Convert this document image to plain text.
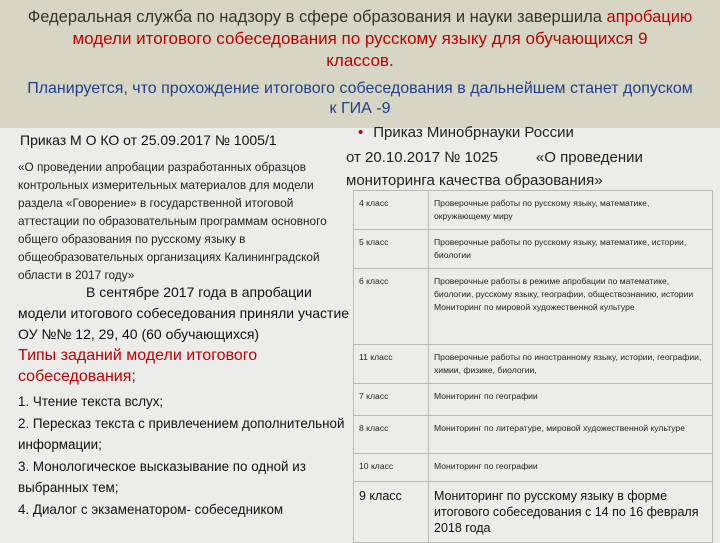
Федеральная служба по надзору в сфере образования и науки завершила апробацию
модели итогового собеседования по русскому языку для обучающихся 9
классов.
Планируется, что прохождение итогового собеседования в дальнейшем станет допуском
к ГИА -9
Приказ М О КО от 25.09.2017 № 1005/1
«О проведении апробации разработанных образцов контрольных измерительных материалов для модели раздела «Говорение» в государственной итоговой аттестации по образовательным программам основного общего образования по русскому языку в общеобразовательных организациях Калининградской области в 2017 году»
В сентябре 2017 года в апробации модели итогового собеседования приняли участие ОУ №№ 12, 29, 40 (60 обучающихся)
Типы заданий модели итогового собеседования;
1. Чтение текста вслух;
2. Пересказ текста с привлечением дополнительной информации;
3. Монологическое высказывание по одной из выбранных тем;
4. Диалог с экзаменатором- собеседником
• Приказ Минобрнауки России
от 20.10.2017 № 1025	«О проведении
мониторинга качества образования»
4 класс	Проверочные работы по русскому языку, математике, окружающему миру
5 класс	Проверочные работы по русскому языку, математике, истории, биологии
6 класс	Проверочные работы в режиме апробации по математике, биологии, русскому языку, географии, обществознанию, истории Мониторинг по мировой художественной культуре
11 класс	Проверочные работы по иностранному языку, истории, географии, химии, физике, биологии,
7 класс	Мониторинг по географии
8 класс	Мониторинг по литературе, мировой художественной культуре
10 класс	Мониторинг по географии
9 класс	Мониторинг по русскому языку в форме итогового собеседования с 14 по 16 февраля 2018 года
